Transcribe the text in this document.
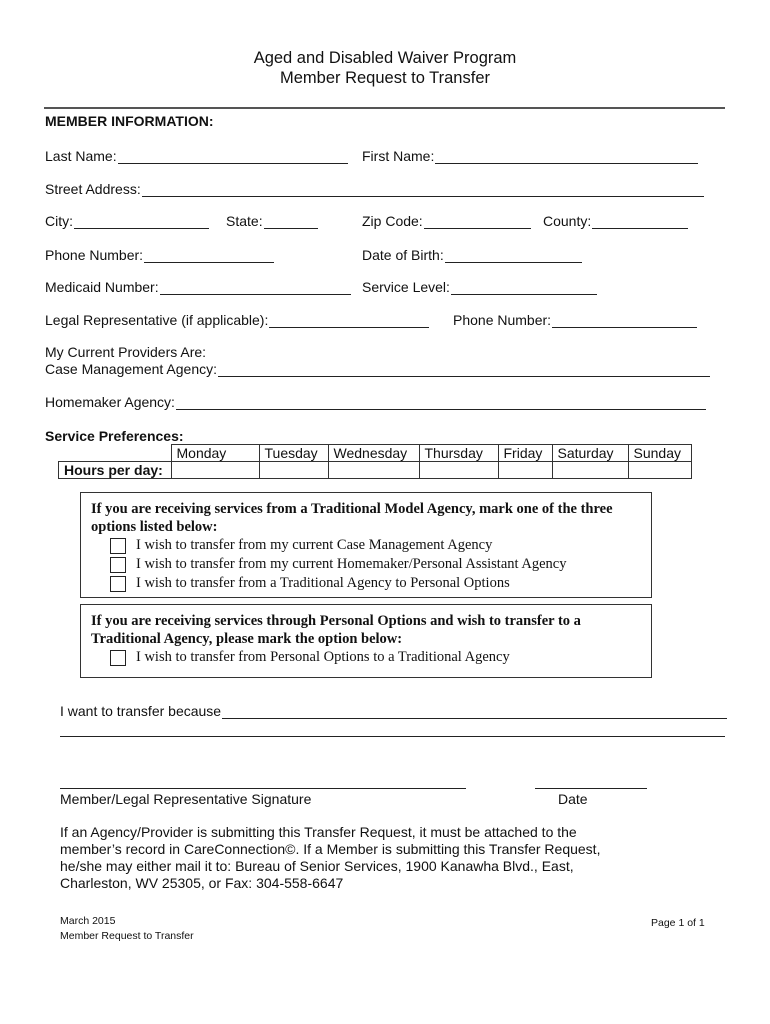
Aged and Disabled Waiver Program
Member Request to Transfer
MEMBER INFORMATION:
Last Name:	First Name:
Street Address:
City:	State:	Zip Code:	County:
Phone Number:	Date of Birth:
Medicaid Number:	Service Level:
Legal Representative (if applicable):	Phone Number:
My Current Providers Are:
Case Management Agency:
Homemaker Agency:
Service Preferences:
	Monday	Tuesday	Wednesday	Thursday	Friday	Saturday	Sunday
Hours per day:							
If you are receiving services from a Traditional Model Agency, mark one of the three
options listed below:
I wish to transfer from my current Case Management Agency
I wish to transfer from my current Homemaker/Personal Assistant Agency
I wish to transfer from a Traditional Agency to Personal Options
If you are receiving services through Personal Options and wish to transfer to a
Traditional Agency, please mark the option below:
I wish to transfer from Personal Options to a Traditional Agency
I want to transfer because
Member/Legal Representative Signature	Date
If an Agency/Provider is submitting this Transfer Request, it must be attached to the
member’s record in CareConnection©. If a Member is submitting this Transfer Request,
he/she may either mail it to: Bureau of Senior Services, 1900 Kanawha Blvd., East,
Charleston, WV 25305, or Fax: 304-558-6647
March 2015
Member Request to Transfer
Page 1 of 1
